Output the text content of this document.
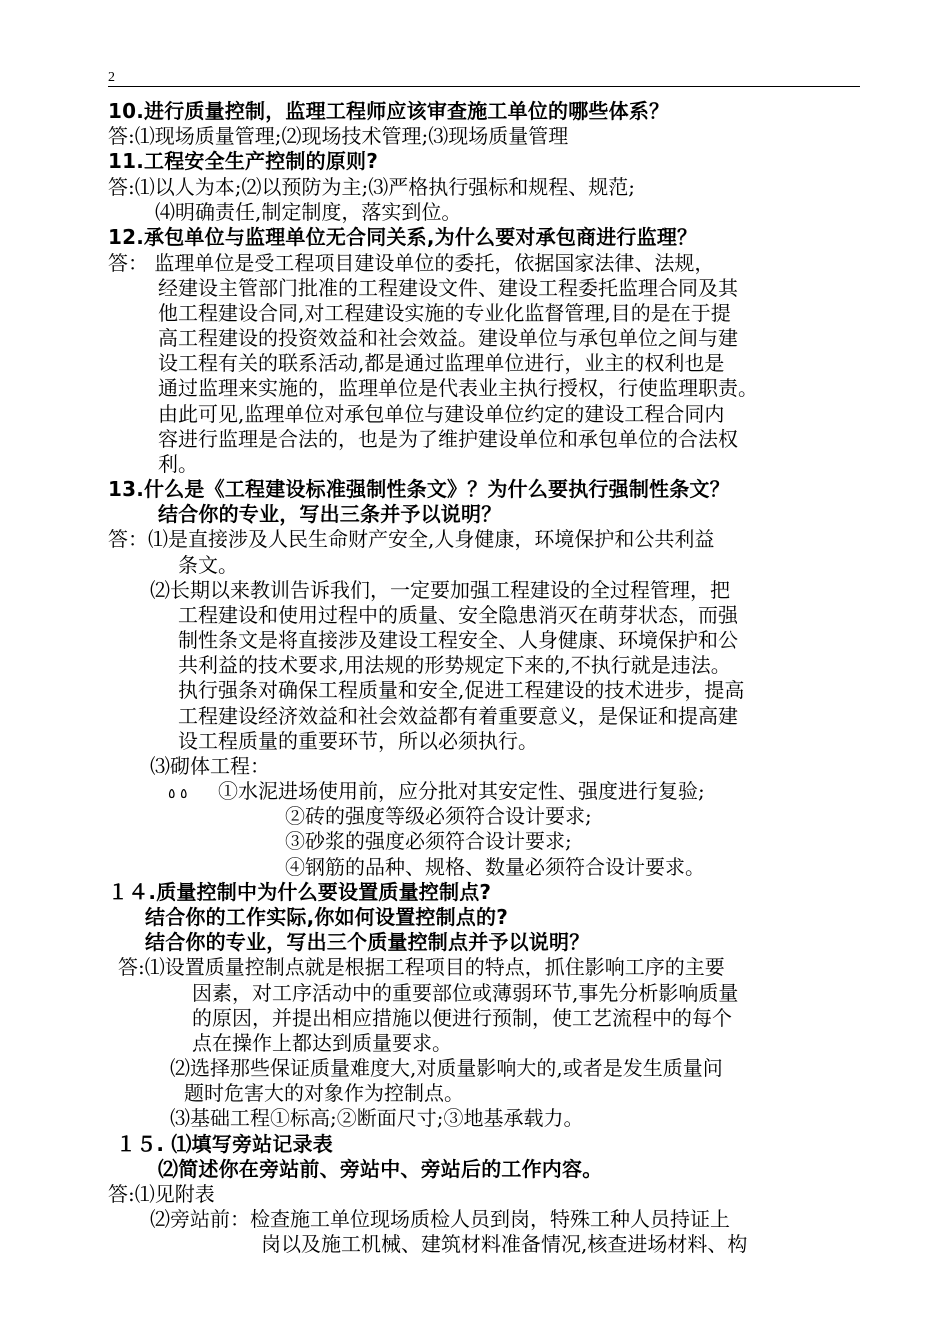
2
10.进行质量控制，监理工程师应该审查施工单位的哪些体系？
答:⑴现场质量管理;⑵现场技术管理;⑶现场质量管理
11.工程安全生产控制的原则?
答:⑴以人为本;⑵以预防为主;⑶严格执行强标和规程、规范;
⑷明确责任,制定制度，落实到位。
12.承包单位与监理单位无合同关系,为什么要对承包商进行监理？
答： 监理单位是受工程项目建设单位的委托，依据国家法律、法规，
经建设主管部门批准的工程建设文件、建设工程委托监理合同及其
他工程建设合同,对工程建设实施的专业化监督管理,目的是在于提
高工程建设的投资效益和社会效益。建设单位与承包单位之间与建
设工程有关的联系活动,都是通过监理单位进行，业主的权利也是
通过监理来实施的，监理单位是代表业主执行授权，行使监理职责。
由此可见,监理单位对承包单位与建设单位约定的建设工程合同内
容进行监理是合法的，也是为了维护建设单位和承包单位的合法权
利。
13.什么是《工程建设标准强制性条文》？为什么要执行强制性条文？
结合你的专业，写出三条并予以说明？
答：⑴是直接涉及人民生命财产安全,人身健康，环境保护和公共利益
条文。
⑵长期以来教训告诉我们，一定要加强工程建设的全过程管理，把
工程建设和使用过程中的质量、安全隐患消灭在萌芽状态，而强
制性条文是将直接涉及建设工程安全、人身健康、环境保护和公
共利益的技术要求,用法规的形势规定下来的,不执行就是违法。
执行强条对确保工程质量和安全,促进工程建设的技术进步，提高
工程建设经济效益和社会效益都有着重要意义，是保证和提高建
设工程质量的重要环节，所以必须执行。
⑶砌体工程：
٥ ٥ ①水泥进场使用前，应分批对其安定性、强度进行复验;
②砖的强度等级必须符合设计要求;
③砂浆的强度必须符合设计要求;
④钢筋的品种、规格、数量必须符合设计要求。
１４.质量控制中为什么要设置质量控制点?
结合你的工作实际,你如何设置控制点的?
结合你的专业，写出三个质量控制点并予以说明？
答:⑴设置质量控制点就是根据工程项目的特点，抓住影响工序的主要
因素，对工序活动中的重要部位或薄弱环节,事先分析影响质量
的原因，并提出相应措施以便进行预制，使工艺流程中的每个
点在操作上都达到质量要求。
⑵选择那些保证质量难度大,对质量影响大的,或者是发生质量问
题时危害大的对象作为控制点。
⑶基础工程①标高;②断面尺寸;③地基承载力。
１５. ⑴填写旁站记录表
⑵简述你在旁站前、旁站中、旁站后的工作内容。
答:⑴见附表
⑵旁站前：检查施工单位现场质检人员到岗，特殊工种人员持证上
岗以及施工机械、建筑材料准备情况,核查进场材料、构
